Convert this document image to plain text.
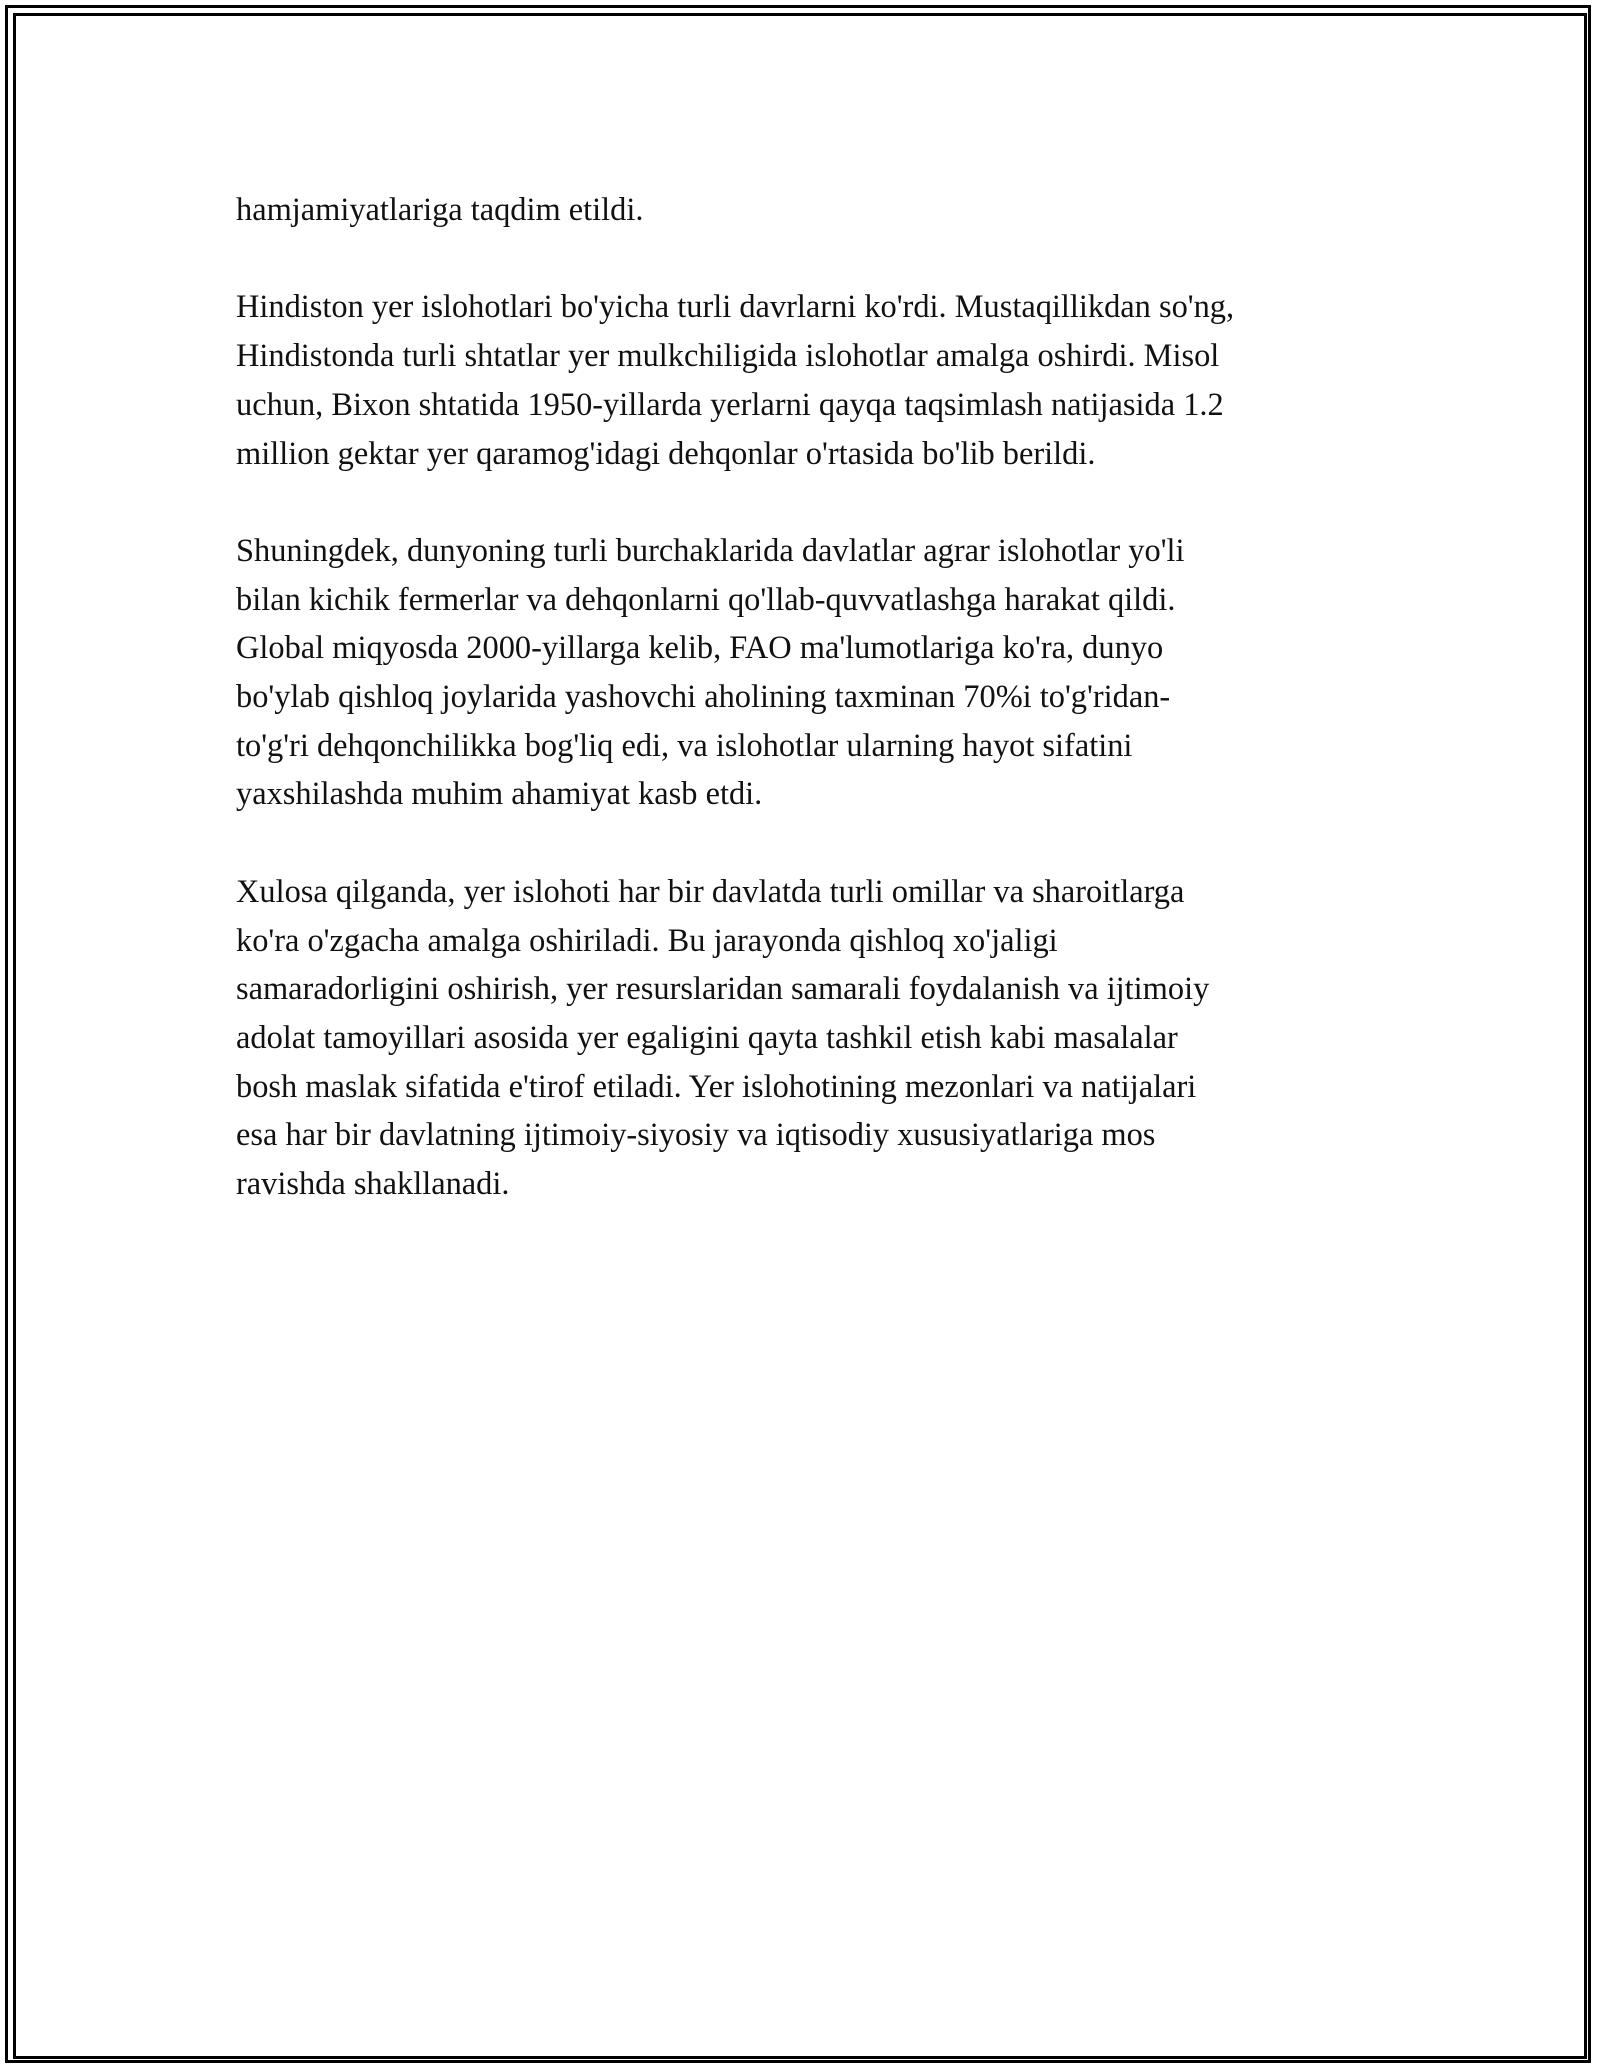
hamjamiyatlariga taqdim etildi.

Hindiston yer islohotlari bo'yicha turli davrlarni ko'rdi. Mustaqillikdan so'ng,
Hindistonda turli shtatlar yer mulkchiligida islohotlar amalga oshirdi. Misol
uchun, Bixon shtatida 1950-yillarda yerlarni qayqa taqsimlash natijasida 1.2
million gektar yer qaramog'idagi dehqonlar o'rtasida bo'lib berildi.

Shuningdek, dunyoning turli burchaklarida davlatlar agrar islohotlar yo'li
bilan kichik fermerlar va dehqonlarni qo'llab-quvvatlashga harakat qildi.
Global miqyosda 2000-yillarga kelib, FAO ma'lumotlariga ko'ra, dunyo
bo'ylab qishloq joylarida yashovchi aholining taxminan 70%i to'g'ridan-
to'g'ri dehqonchilikka bog'liq edi, va islohotlar ularning hayot sifatini
yaxshilashda muhim ahamiyat kasb etdi.

Xulosa qilganda, yer islohoti har bir davlatda turli omillar va sharoitlarga
ko'ra o'zgacha amalga oshiriladi. Bu jarayonda qishloq xo'jaligi
samaradorligini oshirish, yer resurslaridan samarali foydalanish va ijtimoiy
adolat tamoyillari asosida yer egaligini qayta tashkil etish kabi masalalar
bosh maslak sifatida e'tirof etiladi. Yer islohotining mezonlari va natijalari
esa har bir davlatning ijtimoiy-siyosiy va iqtisodiy xususiyatlariga mos
ravishda shakllanadi.
